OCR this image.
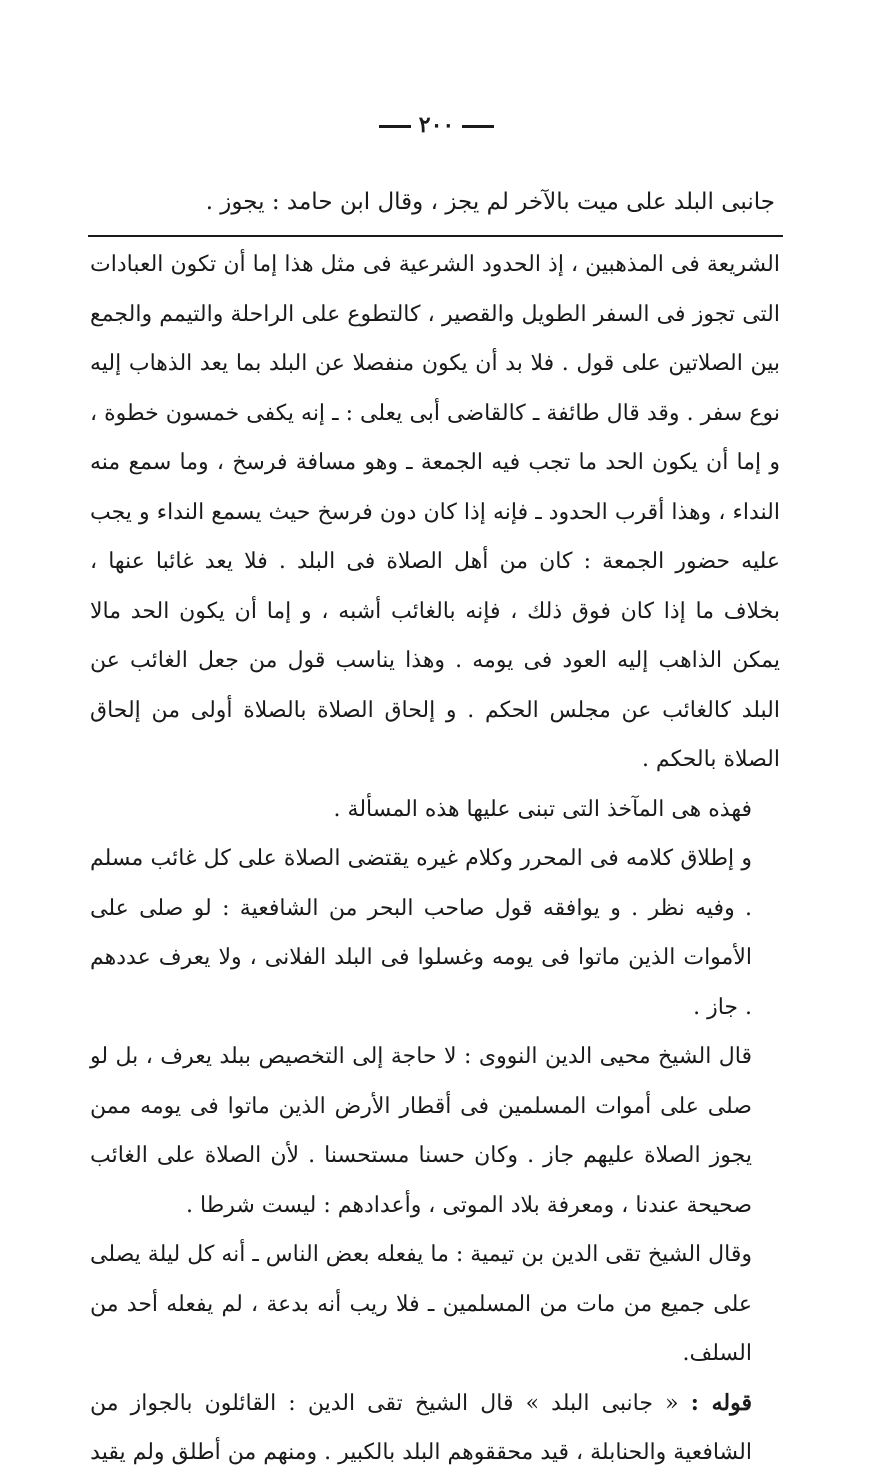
٢٠٠

جانبى البلد على ميت بالآخر لم يجز ، وقال ابن حامد : يجوز .

الشريعة فى المذهبين ، إذ الحدود الشرعية فى مثل هذا إما أن تكون العبادات التى تجوز فى السفر الطويل والقصير ، كالتطوع على الراحلة والتيمم والجمع بين الصلاتين على قول . فلا بد أن يكون منفصلا عن البلد بما يعد الذهاب إليه نوع سفر . وقد قال طائفة ـ كالقاضى أبى يعلى : ـ إنه يكفى خمسون خطوة ، و إما أن يكون الحد ما تجب فيه الجمعة ـ وهو مسافة فرسخ ، وما سمع منه النداء ، وهذا أقرب الحدود ـ فإنه إذا كان دون فرسخ حيث يسمع النداء و يجب عليه حضور الجمعة : كان من أهل الصلاة فى البلد . فلا يعد غائبا عنها ، بخلاف ما إذا كان فوق ذلك ، فإنه بالغائب أشبه ، و إما أن يكون الحد مالا يمكن الذاهب إليه العود فى يومه . وهذا يناسب قول من جعل الغائب عن البلد كالغائب عن مجلس الحكم . و إلحاق الصلاة بالصلاة أولى من إلحاق الصلاة بالحكم .

فهذه هى المآخذ التى تبنى عليها هذه المسألة .

و إطلاق كلامه فى المحرر وكلام غيره يقتضى الصلاة على كل غائب مسلم . وفيه نظر . و يوافقه قول صاحب البحر من الشافعية : لو صلى على الأموات الذين ماتوا فى يومه وغسلوا فى البلد الفلانى ، ولا يعرف عددهم . جاز .

قال الشيخ محيى الدين النووى : لا حاجة إلى التخصيص ببلد يعرف ، بل لو صلى على أموات المسلمين فى أقطار الأرض الذين ماتوا فى يومه ممن يجوز الصلاة عليهم جاز . وكان حسنا مستحسنا . لأن الصلاة على الغائب صحيحة عندنا ، ومعرفة بلاد الموتى ، وأعدادهم : ليست شرطا .

وقال الشيخ تقى الدين بن تيمية : ما يفعله بعض الناس ـ أنه كل ليلة يصلى على جميع من مات من المسلمين ـ فلا ريب أنه بدعة ، لم يفعله أحد من السلف.

قوله : « جانبى البلد » قال الشيخ تقى الدين : القائلون بالجواز من الشافعية والحنابلة ، قيد محققوهم البلد بالكبير . ومنهم من أطلق ولم يقيد
